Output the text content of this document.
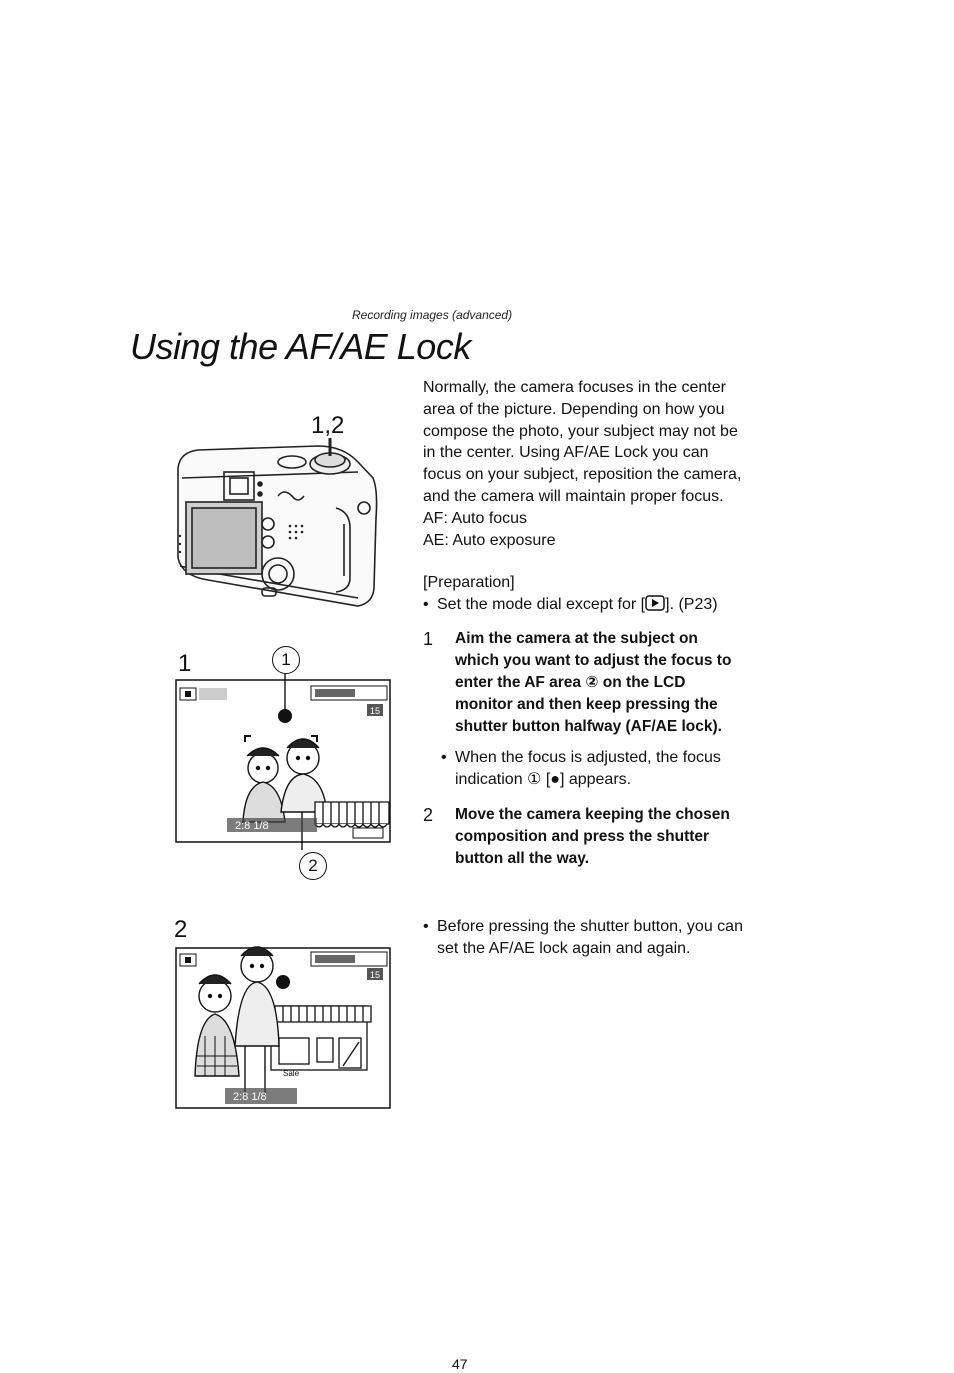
Recording images (advanced)
Using the AF/AE Lock

Normally, the camera focuses in the center

area of the picture. Depending on how you

compose the photo, your subject may not be

in the center. Using AF/AE Lock you can

focus on your subject, reposition the camera,

and the camera will maintain proper focus.

AF: Auto focus

AE: Auto exposure

[Preparation]

• Set the mode dial except for [ ]. (P23)
1	Aim the camera at the subject on
which you want to adjust the focus to
enter the AF area ② on the LCD
monitor and then keep pressing the
shutter button halfway (AF/AE lock).
• When the focus is adjusted, the focus
indication ① [●] appears.
2	Move the camera keeping the chosen
composition and press the shutter
button all the way.
• Before pressing the shutter button, you can
set the AF/AE lock again and again.
1,2
1	1
2
15
2:8 1/8
2
15
Sale
2:8 1/8
47
